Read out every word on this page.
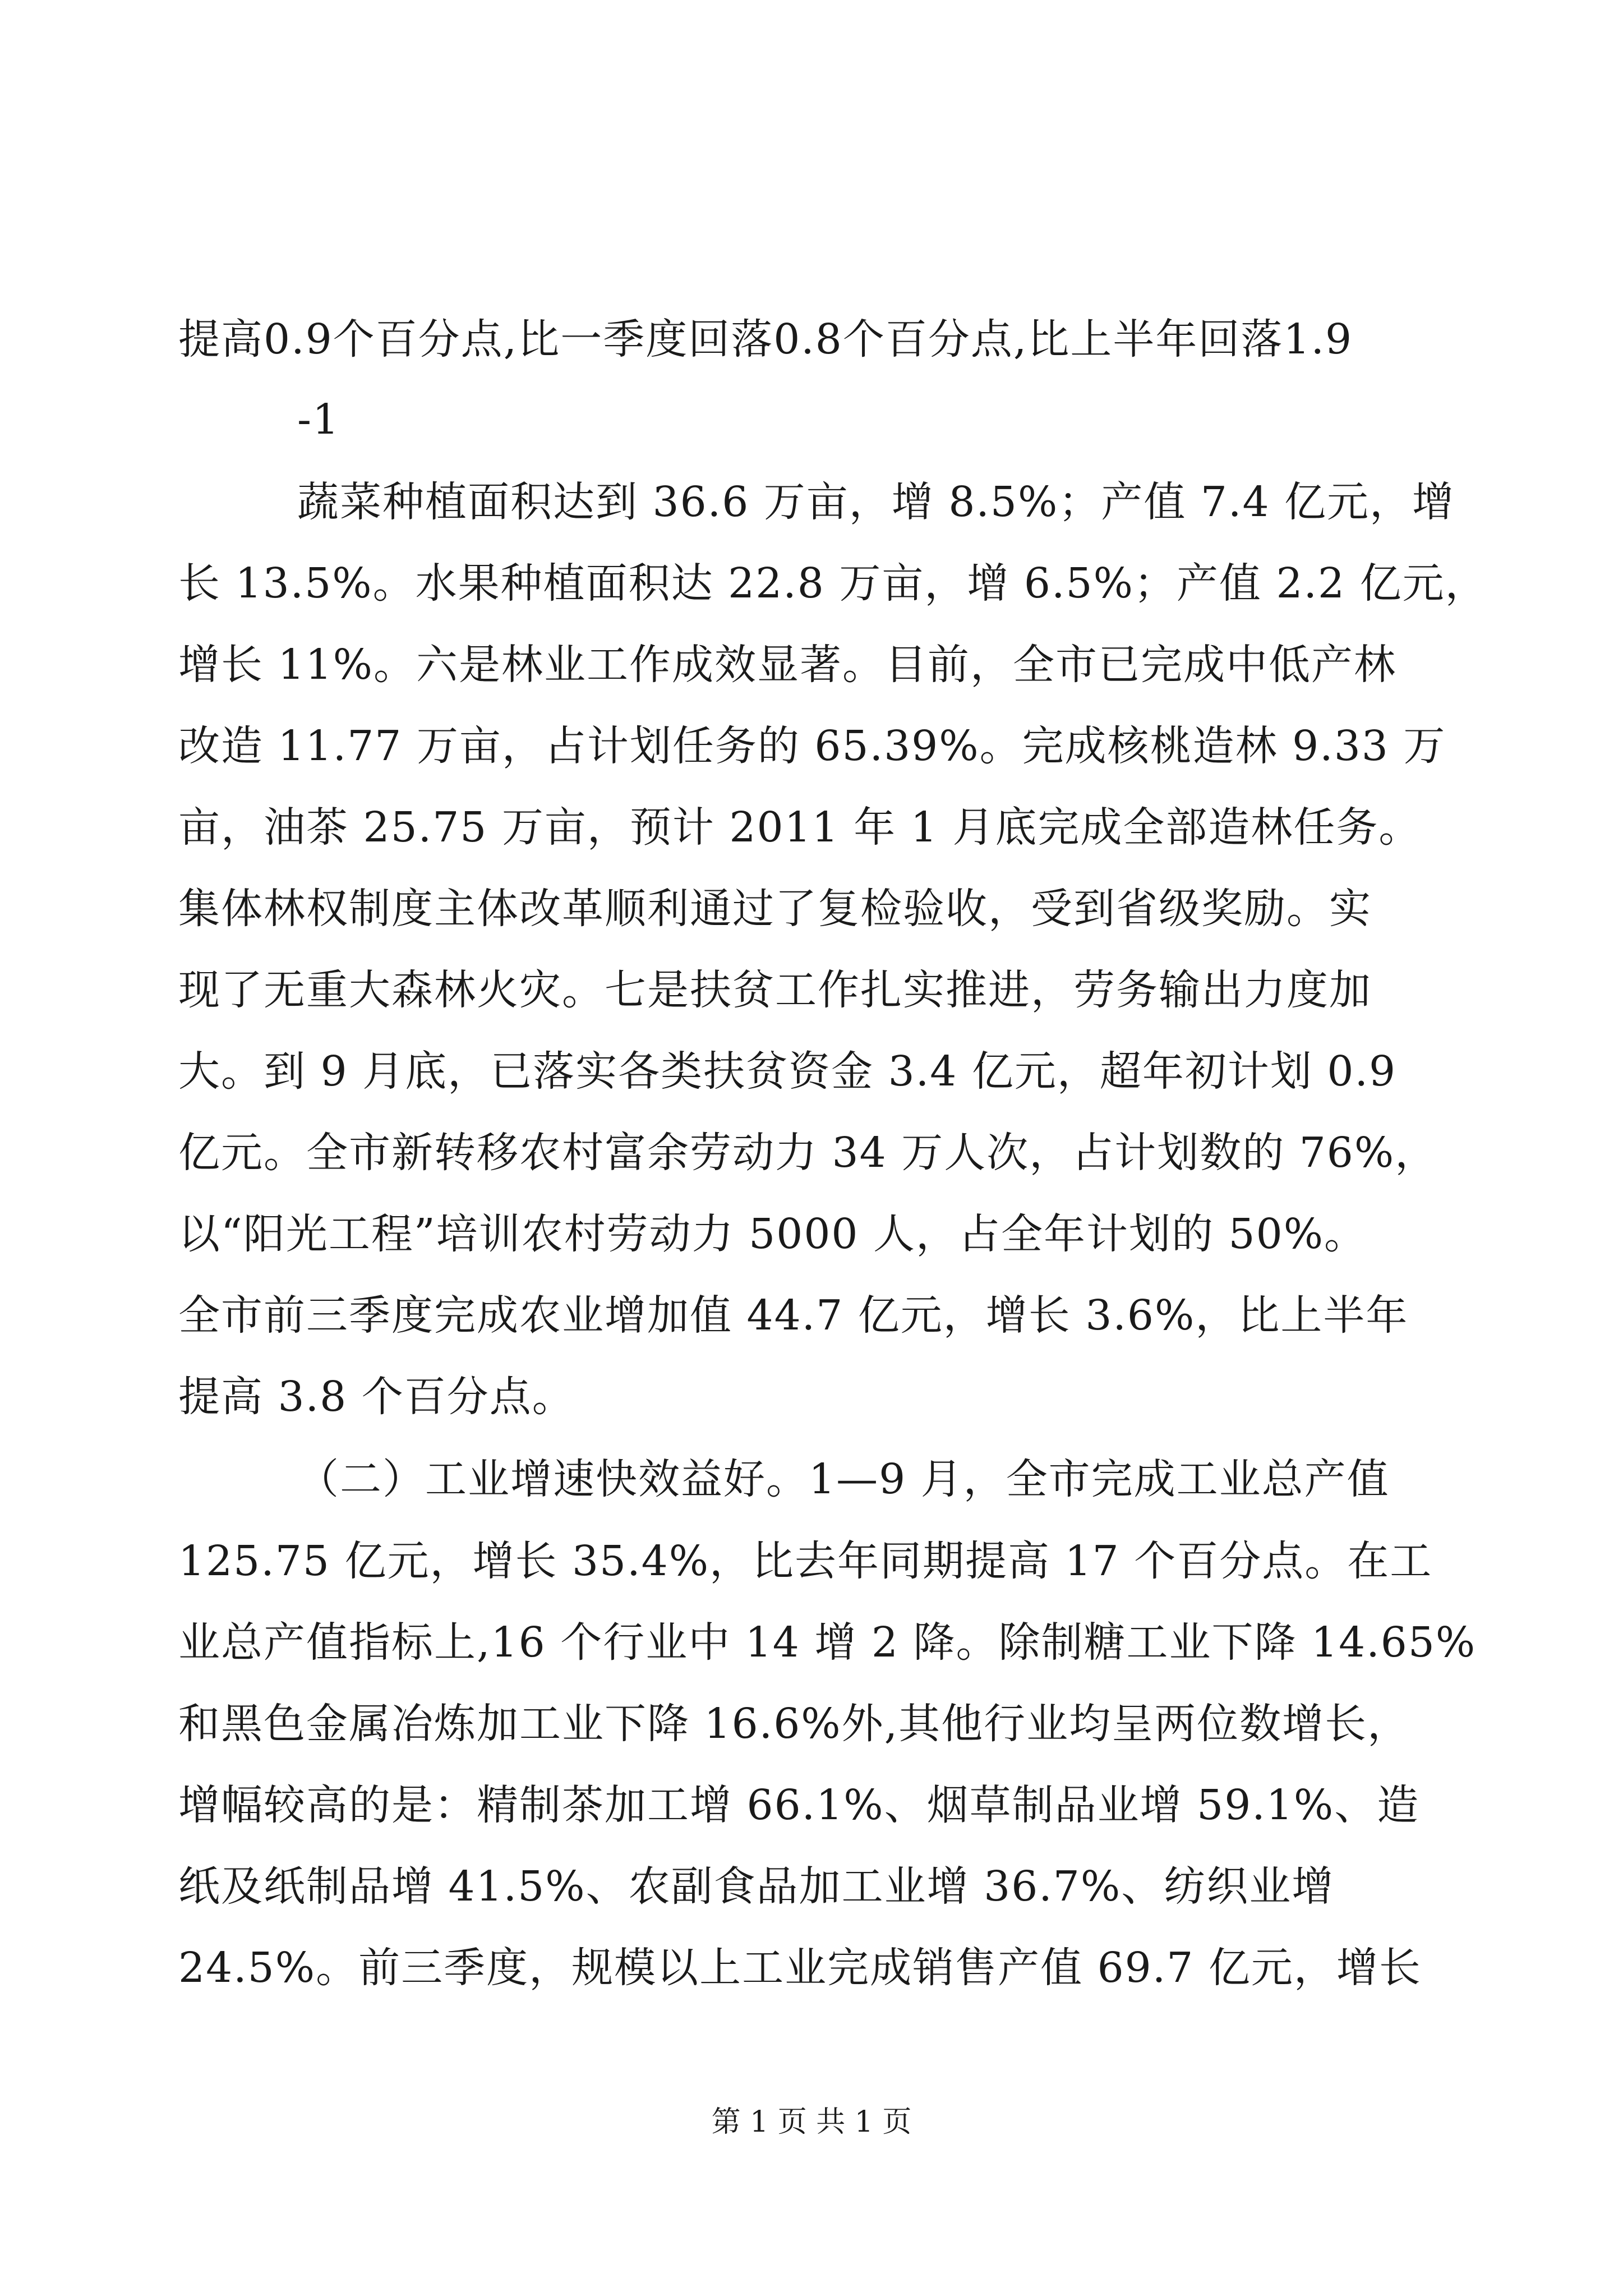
提高0.9个百分点,比一季度回落0.8个百分点,比上半年回落1.9
-1
蔬菜种植面积达到 36.6 万亩，增 8.5%；产值 7.4 亿元，增
长 13.5%。水果种植面积达 22.8 万亩，增 6.5%；产值 2.2 亿元，
增长 11%。六是林业工作成效显著。目前，全市已完成中低产林
改造 11.77 万亩，占计划任务的 65.39%。完成核桃造林 9.33 万
亩，油茶 25.75 万亩，预计 2011 年 1 月底完成全部造林任务。
集体林权制度主体改革顺利通过了复检验收，受到省级奖励。实
现了无重大森林火灾。七是扶贫工作扎实推进，劳务输出力度加
大。到 9 月底，已落实各类扶贫资金 3.4 亿元，超年初计划 0.9
亿元。全市新转移农村富余劳动力 34 万人次，占计划数的 76%，
以“阳光工程”培训农村劳动力 5000 人，占全年计划的 50%。
全市前三季度完成农业增加值 44.7 亿元，增长 3.6%，比上半年
提高 3.8 个百分点。
（二）工业增速快效益好。1—9 月，全市完成工业总产值
125.75 亿元，增长 35.4%，比去年同期提高 17 个百分点。在工
业总产值指标上,16 个行业中 14 增 2 降。除制糖工业下降 14.65%
和黑色金属冶炼加工业下降 16.6%外,其他行业均呈两位数增长，
增幅较高的是：精制茶加工增 66.1%、烟草制品业增 59.1%、造
纸及纸制品增 41.5%、农副食品加工业增 36.7%、纺织业增
24.5%。前三季度，规模以上工业完成销售产值 69.7 亿元，增长
第 1 页 共 1 页
